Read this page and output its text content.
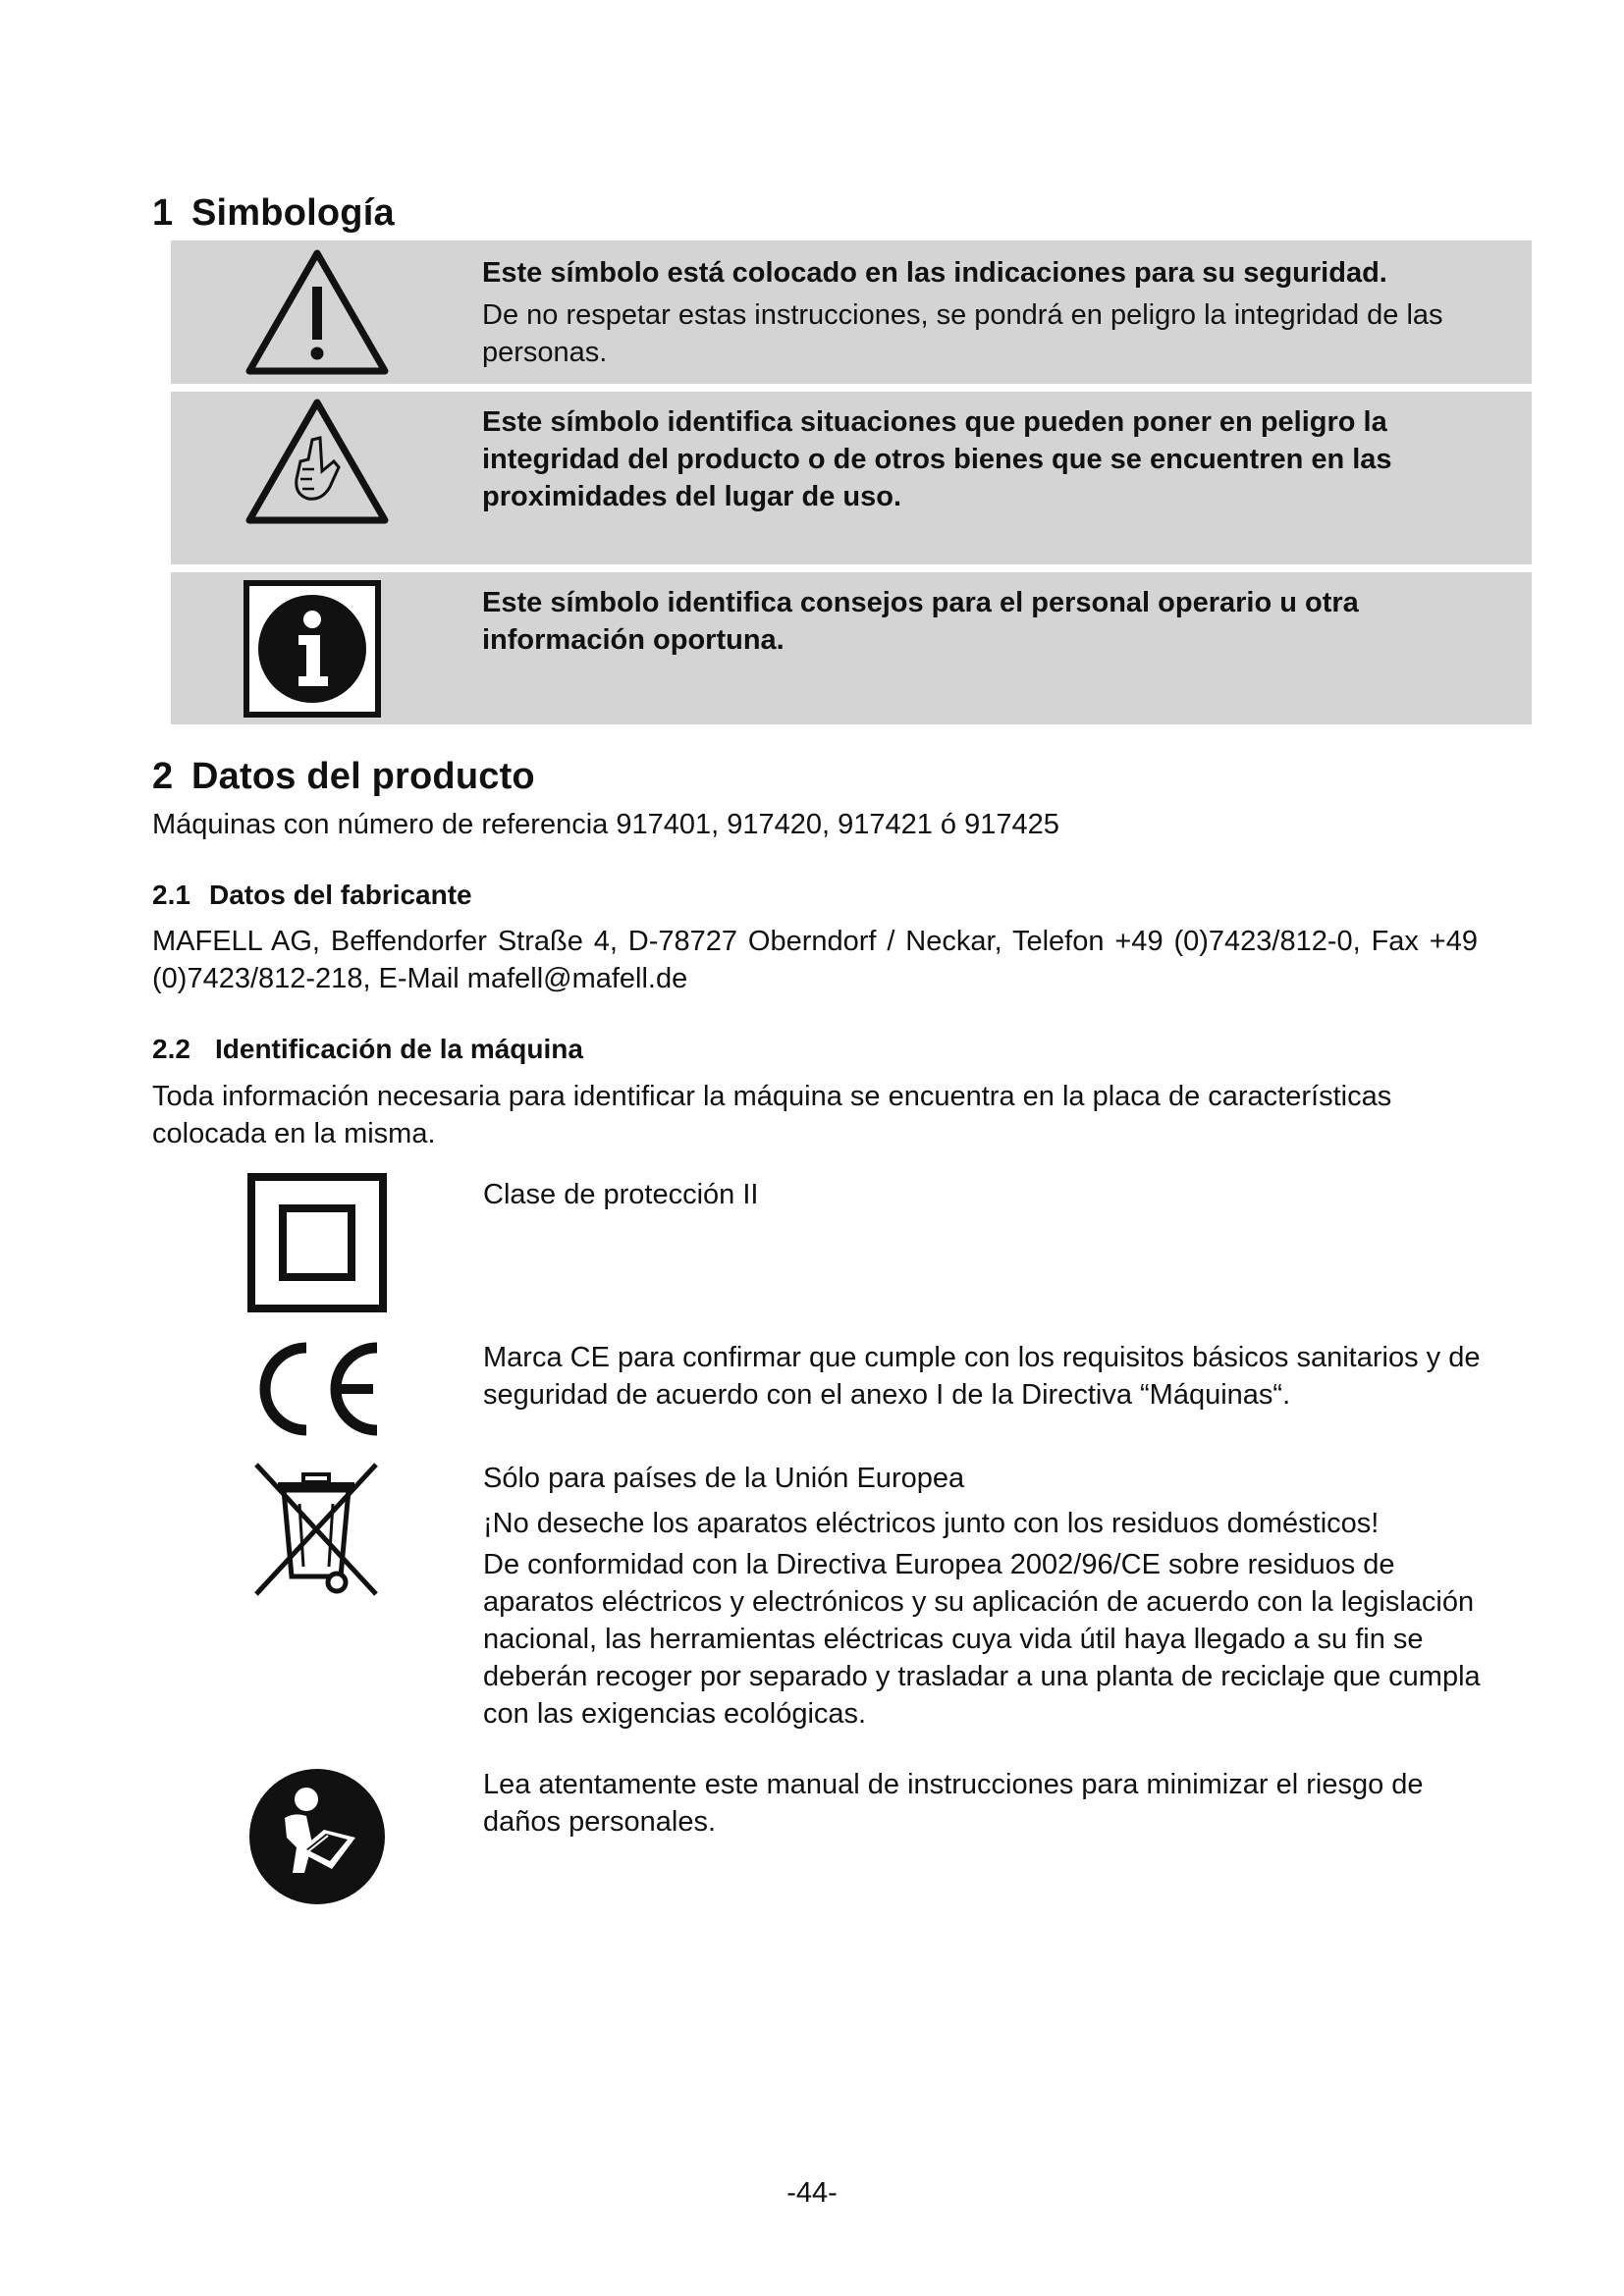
1 Simbología
Este símbolo está colocado en las indicaciones para su seguridad.
De no respetar estas instrucciones, se pondrá en peligro la integridad de las personas.
Este símbolo identifica situaciones que pueden poner en peligro la integridad del producto o de otros bienes que se encuentren en las proximidades del lugar de uso.
Este símbolo identifica consejos para el personal operario u otra información oportuna.
2 Datos del producto
Máquinas con número de referencia 917401, 917420, 917421 ó 917425
2.1 Datos del fabricante
MAFELL AG, Beffendorfer Straße 4, D-78727 Oberndorf / Neckar, Telefon +49 (0)7423/812-0, Fax +49 (0)7423/812-218, E-Mail mafell@mafell.de
2.2 Identificación de la máquina
Toda información necesaria para identificar la máquina se encuentra en la placa de características colocada en la misma.

Clase de protección II

Marca CE para confirmar que cumple con los requisitos básicos sanitarios y de seguridad de acuerdo con el anexo I de la Directiva “Máquinas“.

Sólo para países de la Unión Europea

¡No deseche los aparatos eléctricos junto con los residuos domésticos!

De conformidad con la Directiva Europea 2002/96/CE sobre residuos de aparatos eléctricos y electrónicos y su aplicación de acuerdo con la legislación nacional, las herramientas eléctricas cuya vida útil haya llegado a su fin se deberán recoger por separado y trasladar a una planta de reciclaje que cumpla con las exigencias ecológicas.

Lea atentamente este manual de instrucciones para minimizar el riesgo de daños personales.

-44-
